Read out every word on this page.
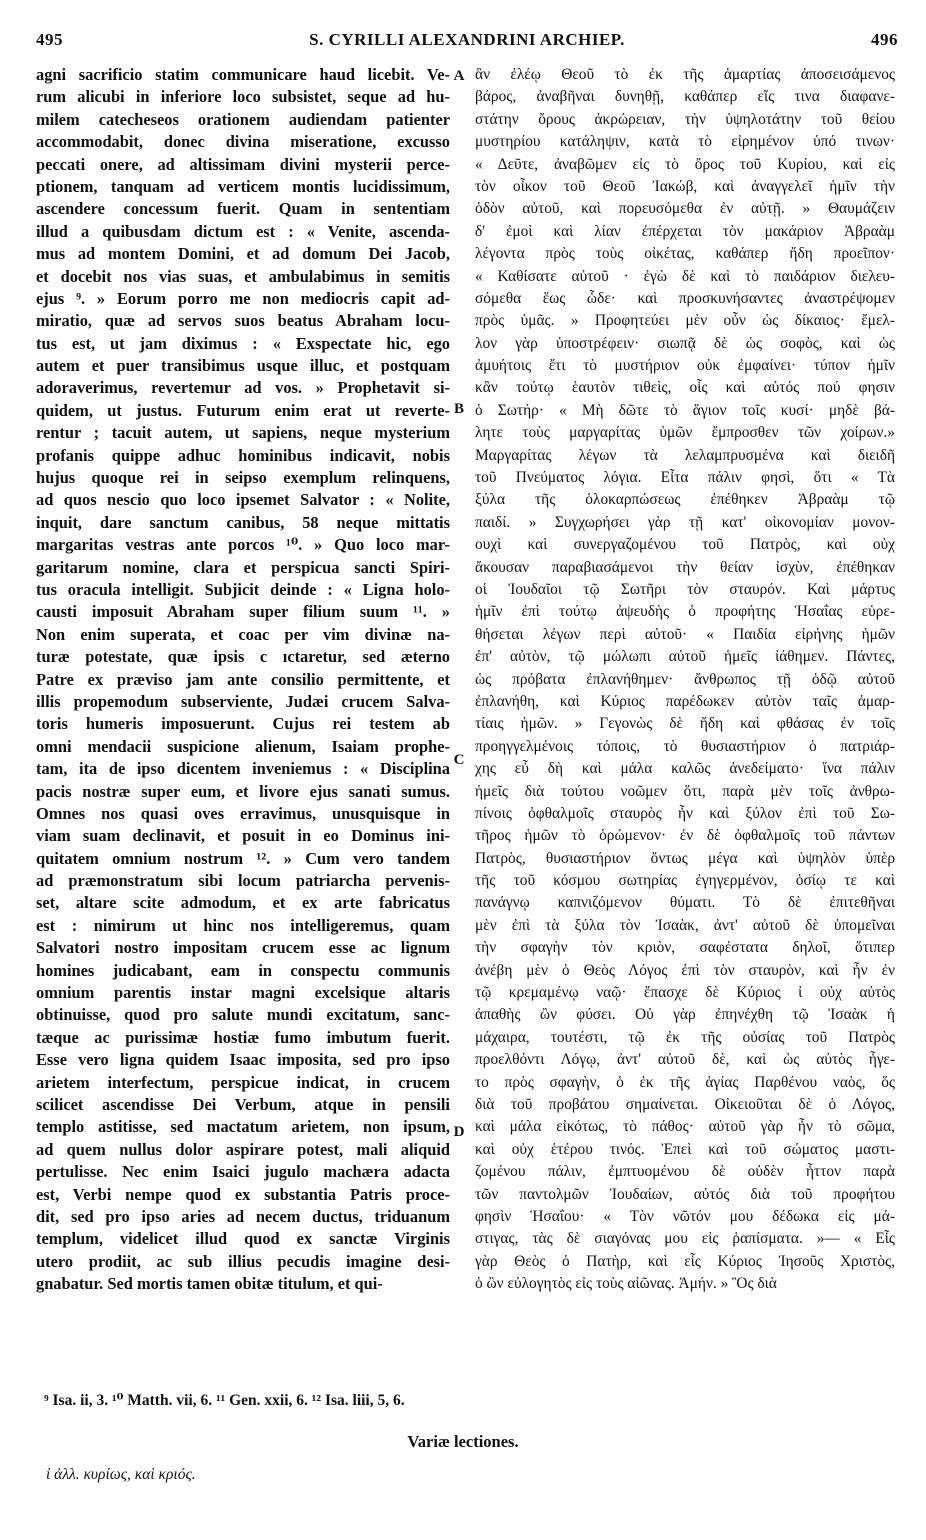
495	S. CYRILLI ALEXANDRINI ARCHIEP.	496
agni sacrificio statim communicare haud licebit. Ve-
rum alicubi in inferiore loco subsistet, seque ad hu-
milem catecheseos orationem audiendam patienter
accommodabit, donec divina miseratione, excusso
peccati onere, ad altissimam divini mysterii perce-
ptionem, tanquam ad verticem montis lucidissimum,
ascendere concessum fuerit. Quam in sententiam
illud a quibusdam dictum est : « Venite, ascenda-
mus ad montem Domini, et ad domum Dei Jacob,
et docebit nos vias suas, et ambulabimus in semitis
ejus ⁹. » Eorum porro me non mediocris capit ad-
miratio, quæ ad servos suos beatus Abraham locu-
tus est, ut jam diximus : « Exspectate hic, ego
autem et puer transibimus usque illuc, et postquam
adoraverimus, revertemur ad vos. » Prophetavit si-
quidem, ut justus. Futurum enim erat ut reverte-
rentur ; tacuit autem, ut sapiens, neque mysterium
profanis quippe adhuc hominibus indicavit, nobis
hujus quoque rei in seipso exemplum relinquens,
ad quos nescio quo loco ipsemet Salvator : « Nolite,
inquit, dare sanctum canibus, 58 neque mittatis
margaritas vestras ante porcos ¹⁰. » Quo loco mar-
garitarum nomine, clara et perspicua sancti Spiri-
tus oracula intelligit. Subjicit deinde : « Ligna holo-
causti imposuit Abraham super filium suum ¹¹. »
Non enim superata, et coac per vim divinæ na-
turæ potestate, quæ ipsis c ıctaretur, sed æterno
Patre ex præviso jam ante consilio permittente, et
illis propemodum subserviente, Judæi crucem Salva-
toris humeris imposuerunt. Cujus rei testem ab
omni mendacii suspicione alienum, Isaiam prophe-
tam, ita de ipso dicentem inveniemus : « Disciplina
pacis nostræ super eum, et livore ejus sanati sumus.
Omnes nos quasi oves erravimus, unusquisque in
viam suam declinavit, et posuit in eo Dominus ini-
quitatem omnium nostrum ¹². » Cum vero tandem
ad præmonstratum sibi locum patriarcha pervenis-
set, altare scite admodum, et ex arte fabricatus
est : nimirum ut hinc nos intelligeremus, quam
Salvatori nostro impositam crucem esse ac lignum
homines judicabant, eam in conspectu communis
omnium parentis instar magni excelsique altaris
obtinuisse, quod pro salute mundi excitatum, sanc-
tæque ac purissimæ hostiæ fumo imbutum fuerit.
Esse vero ligna quidem Isaac imposita, sed pro ipso
arietem interfectum, perspicue indicat, in crucem
scilicet ascendisse Dei Verbum, atque in pensili
templo astitisse, sed mactatum arietem, non ipsum,
ad quem nullus dolor aspirare potest, mali aliquid
pertulisse. Nec enim Isaici jugulo machæra adacta
est, Verbi nempe quod ex substantia Patris proce-
dit, sed pro ipso aries ad necem ductus, triduanum
templum, videlicet illud quod ex sanctæ Virginis
utero prodiit, ac sub illius pecudis imagine desi-
gnabatur. Sed mortis tamen obitæ titulum, et qui-
ἂν ἐλέῳ Θεοῦ τὸ ἐκ τῆς ἁμαρτίας ἀποσεισάμενος
βάρος, ἀναβῆναι δυνηθῇ, καθάπερ εἴς τινα διαφανε-
στάτην ὄρους ἀκρώρειαν, τὴν ὑψηλοτάτην τοῦ θείου
μυστηρίου κατάληψιν, κατὰ τὸ εἰρημένον ὑπό τινων·
« Δεῦτε, ἀναβῶμεν εἰς τὸ ὄρος τοῦ Κυρίου, καὶ εἰς
τὸν οἶκον τοῦ Θεοῦ Ἰακώβ, καὶ ἀναγγελεῖ ἡμῖν τὴν
ὁδὸν αὐτοῦ, καὶ πορευσόμεθα ἐν αὐτῇ. » Θαυμάζειν
δ' ἐμοὶ καὶ λίαν ἐπέρχεται τὸν μακάριον Ἀβραὰμ
λέγοντα πρὸς τοὺς οἰκέτας, καθάπερ ἤδη προεῖπον·
« Καθίσατε αὐτοῦ · ἐγὼ δὲ καὶ τὸ παιδάριον διελευ-
σόμεθα ἕως ὧδε· καὶ προσκυνήσαντες ἀναστρέψομεν
πρὸς ὑμᾶς. » Προφητεύει μὲν οὖν ὡς δίκαιος· ἔμελ-
λον γὰρ ὑποστρέφειν· σιωπᾷ δὲ ὡς σοφὸς, καὶ ὡς
ἀμυήτοις ἔτι τὸ μυστήριον οὐκ ἐμφαίνει· τύπον ἡμῖν
κἂν τούτῳ ἑαυτὸν τιθεὶς, οἷς καὶ αὐτός πού φησιν
ὁ Σωτήρ· « Μὴ δῶτε τὸ ἅγιον τοῖς κυσί· μηδὲ βά-
λητε τοὺς μαργαρίτας ὑμῶν ἔμπροσθεν τῶν χοίρων.»
Μαργαρίτας λέγων τὰ λελαμπρυσμένα καὶ διειδῆ
τοῦ Πνεύματος λόγια. Εἶτα πάλιν φησὶ, ὅτι « Τὰ
ξύλα τῆς ὁλοκαρπώσεως ἐπέθηκεν Ἀβραὰμ τῷ
παιδί. » Συγχωρήσει γὰρ τῇ κατ' οἰκονομίαν μονον-
ουχὶ καὶ συνεργαζομένου τοῦ Πατρὸς, καὶ οὐχ
ἄκουσαν παραβιασάμενοι τὴν θείαν ἰσχὺν, ἐπέθηκαν
οἱ Ἰουδαῖοι τῷ Σωτῆρι τὸν σταυρόν. Καὶ μάρτυς
ἡμῖν ἐπὶ τούτῳ ἀψευδὴς ὁ προφήτης Ἡσαΐας εὑρε-
θήσεται λέγων περὶ αὐτοῦ· « Παιδία εἰρήνης ἡμῶν
ἐπ' αὐτὸν, τῷ μώλωπι αὐτοῦ ἡμεῖς ἰάθημεν. Πάντες,
ὡς πρόβατα ἐπλανήθημεν· ἄνθρωπος τῇ ὁδῷ αὐτοῦ
ἐπλανήθη, καὶ Κύριος παρέδωκεν αὐτὸν ταῖς ἁμαρ-
τίαις ἡμῶν. » Γεγονὼς δὲ ἤδη καὶ φθάσας ἐν τοῖς
προηγγελμένοις τόποις, τὸ θυσιαστήριον ὁ πατριάρ-
χης εὖ δὴ καὶ μάλα καλῶς ἀνεδείματο· ἵνα πάλιν
ἡμεῖς διὰ τούτου νοῶμεν ὅτι, παρὰ μὲν τοῖς ἀνθρω-
πίνοις ὀφθαλμοῖς σταυρὸς ἦν καὶ ξύλον ἐπὶ τοῦ Σω-
τῆρος ἡμῶν τὸ ὁρώμενον· ἐν δὲ ὀφθαλμοῖς τοῦ πάντων
Πατρὸς, θυσιαστήριον ὄντως μέγα καὶ ὑψηλὸν ὑπὲρ
τῆς τοῦ κόσμου σωτηρίας ἐγηγερμένον, ὁσίῳ τε καὶ
πανάγνῳ καπνιζόμενον θύματι. Τὸ δὲ ἐπιτεθῆναι
μὲν ἐπὶ τὰ ξύλα τὸν Ἰσαὰκ, ἀντ' αὐτοῦ δὲ ὑπομεῖναι
τὴν σφαγὴν τὸν κριὸν, σαφέστατα δηλοῖ, ὅτιπερ
ἀνέβη μὲν ὁ Θεὸς Λόγος ἐπὶ τὸν σταυρὸν, καὶ ἦν ἐν
τῷ κρεμαμένῳ ναῷ· ἔπασχε δὲ Κύριος ἰ οὐχ αὐτὸς
ἀπαθὴς ὢν φύσει. Οὐ γὰρ ἐπηνέχθη τῷ Ἰσαὰκ ἡ
μάχαιρα, τουτέστι, τῷ ἐκ τῆς οὐσίας τοῦ Πατρὸς
προελθόντι Λόγῳ, ἀντ' αὐτοῦ δὲ, καὶ ὡς αὐτὸς ἦγε-
το πρὸς σφαγὴν, ὁ ἐκ τῆς ἁγίας Παρθένου ναὸς, ὅς
διὰ τοῦ προβάτου σημαίνεται. Οἰκειοῦται δὲ ὁ Λόγος,
καὶ μάλα εἰκότως, τὸ πάθος· αὐτοῦ γὰρ ἦν τὸ σῶμα,
καὶ οὐχ ἑτέρου τινός. Ἐπεὶ καὶ τοῦ σώματος μαστι-
ζομένου πάλιν, ἐμπτυομένου δὲ οὐδὲν ἧττον παρὰ
τῶν παντολμῶν Ἰουδαίων, αὐτός διὰ τοῦ προφήτου
φησὶν Ἡσαΐου· « Τὸν νῶτόν μου δέδωκα εἰς μά-
στιγας, τὰς δὲ σιαγόνας μου εἰς ῥαπίσματα. »— « Εἷς
γὰρ Θεὸς ὁ Πατὴρ, καὶ εἷς Κύριος Ἰησοῦς Χριστὸς,
ὁ ὢν εὐλογητὸς εἰς τοὺς αἰῶνας. Ἀμήν. » Ὃς διὰ
A
B
C
D
⁹ Isa. ii, 3. ¹⁰ Matth. vii, 6. ¹¹ Gen. xxii, 6. ¹² Isa. liii, 5, 6.
Variæ lectiones.
ἰ ἀλλ. κυρίως, καὶ κριός.
